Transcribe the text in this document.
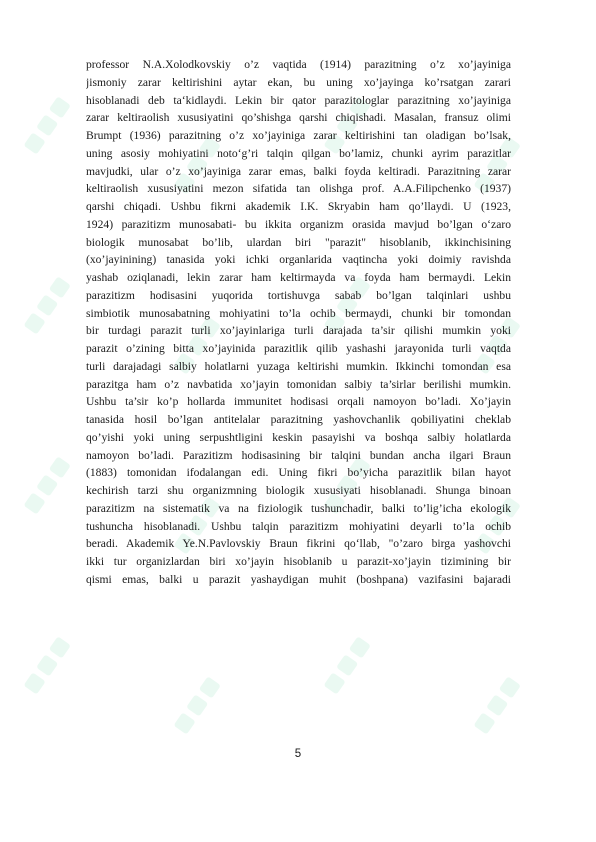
professor N.A.Xolodkovskiy o’z vaqtida (1914) parazitning o’z xo’jayiniga
jismoniy zarar keltirishini aytar ekan, bu uning xo’jayinga ko’rsatgan zarari
hisoblanadi deb ta‘kidlaydi. Lekin bir qator parazitologlar parazitning xo’jayiniga
zarar keltiraolish xususiyatini qo’shishga qarshi chiqishadi. Masalan, fransuz olimi
Brumpt (1936) parazitning o’z xo’jayiniga zarar keltirishini tan oladigan bo’lsak,
uning asosiy mohiyatini noto‘g’ri talqin qilgan bo’lamiz, chunki ayrim parazitlar
mavjudki, ular o’z xo’jayiniga zarar emas, balki foyda keltiradi. Parazitning zarar
keltiraolish xususiyatini mezon sifatida tan olishga prof. A.A.Filipchenko (1937)
qarshi chiqadi. Ushbu fikrni akademik I.K. Skryabin ham qo’llaydi. U (1923,
1924) parazitizm munosabati- bu ikkita organizm orasida mavjud bo’lgan o‘zaro
biologik munosabat bo’lib, ulardan biri "parazit" hisoblanib, ikkinchisining
(xo’jayinining) tanasida yoki ichki organlarida vaqtincha yoki doimiy ravishda
yashab oziqlanadi, lekin zarar ham keltirmayda va foyda ham bermaydi. Lekin
parazitizm hodisasini yuqorida tortishuvga sabab bo’lgan talqinlari ushbu
simbiotik munosabatning mohiyatini to’la ochib bermaydi, chunki bir tomondan
bir turdagi parazit turli xo’jayinlariga turli darajada ta’sir qilishi mumkin yoki
parazit o’zining bitta xo’jayinida parazitlik qilib yashashi jarayonida turli vaqtda
turli darajadagi salbiy holatlarni yuzaga keltirishi mumkin. Ikkinchi tomondan esa
parazitga ham o’z navbatida xo’jayin tomonidan salbiy ta’sirlar berilishi mumkin.
Ushbu ta’sir ko’p hollarda immunitet hodisasi orqali namoyon bo’ladi. Xo’jayin
tanasida hosil bo’lgan antitelalar parazitning yashovchanlik qobiliyatini cheklab
qo’yishi yoki uning serpushtligini keskin pasayishi va boshqa salbiy holatlarda
namoyon bo’ladi. Parazitizm hodisasining bir talqini bundan ancha ilgari Braun
(1883) tomonidan ifodalangan edi. Uning fikri bo’yicha parazitlik bilan hayot
kechirish tarzi shu organizmning biologik xususiyati hisoblanadi. Shunga binoan
parazitizm na sistematik va na fiziologik tushunchadir, balki to’lig’icha ekologik
tushuncha hisoblanadi. Ushbu talqin parazitizm mohiyatini deyarli to’la ochib
beradi. Akademik Ye.N.Pavlovskiy Braun fikrini qo‘llab, "o’zaro birga yashovchi
ikki tur organizlardan biri xo’jayin hisoblanib u parazit-xo’jayin tizimining bir
qismi emas, balki u parazit yashaydigan muhit (boshpana) vazifasini bajaradi
5
